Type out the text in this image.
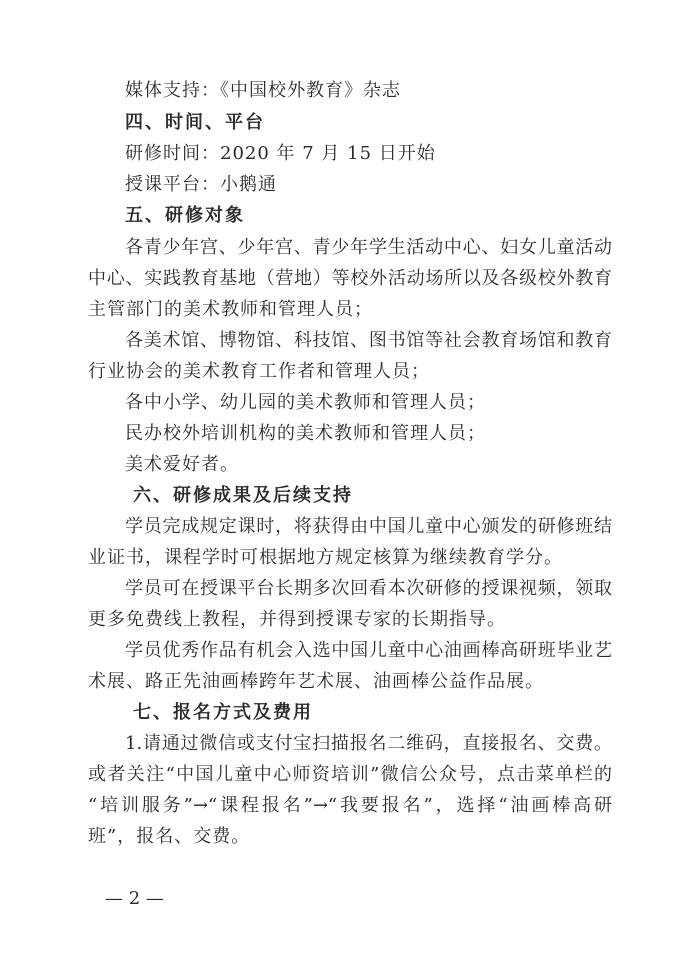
媒体支持：《中国校外教育》杂志
四、时间、平台
研修时间：2020 年 7 月 15 日开始
授课平台：小鹅通
五、研修对象
各青少年宫、少年宫、青少年学生活动中心、妇女儿童活动
中心、实践教育基地（营地）等校外活动场所以及各级校外教育
主管部门的美术教师和管理人员；
各美术馆、博物馆、科技馆、图书馆等社会教育场馆和教育
行业协会的美术教育工作者和管理人员；
各中小学、幼儿园的美术教师和管理人员；
民办校外培训机构的美术教师和管理人员；
美术爱好者。
六、研修成果及后续支持
学员完成规定课时，将获得由中国儿童中心颁发的研修班结
业证书，课程学时可根据地方规定核算为继续教育学分。
学员可在授课平台长期多次回看本次研修的授课视频，领取
更多免费线上教程，并得到授课专家的长期指导。
学员优秀作品有机会入选中国儿童中心油画棒高研班毕业艺
术展、路正先油画棒跨年艺术展、油画棒公益作品展。
七、报名方式及费用
1.请通过微信或支付宝扫描报名二维码，直接报名、交费。
或者关注“中国儿童中心师资培训”微信公众号，点击菜单栏的
“培训服务”→“课程报名”→“我要报名”，选择“油画棒高研
班”，报名、交费。
— 2 —
